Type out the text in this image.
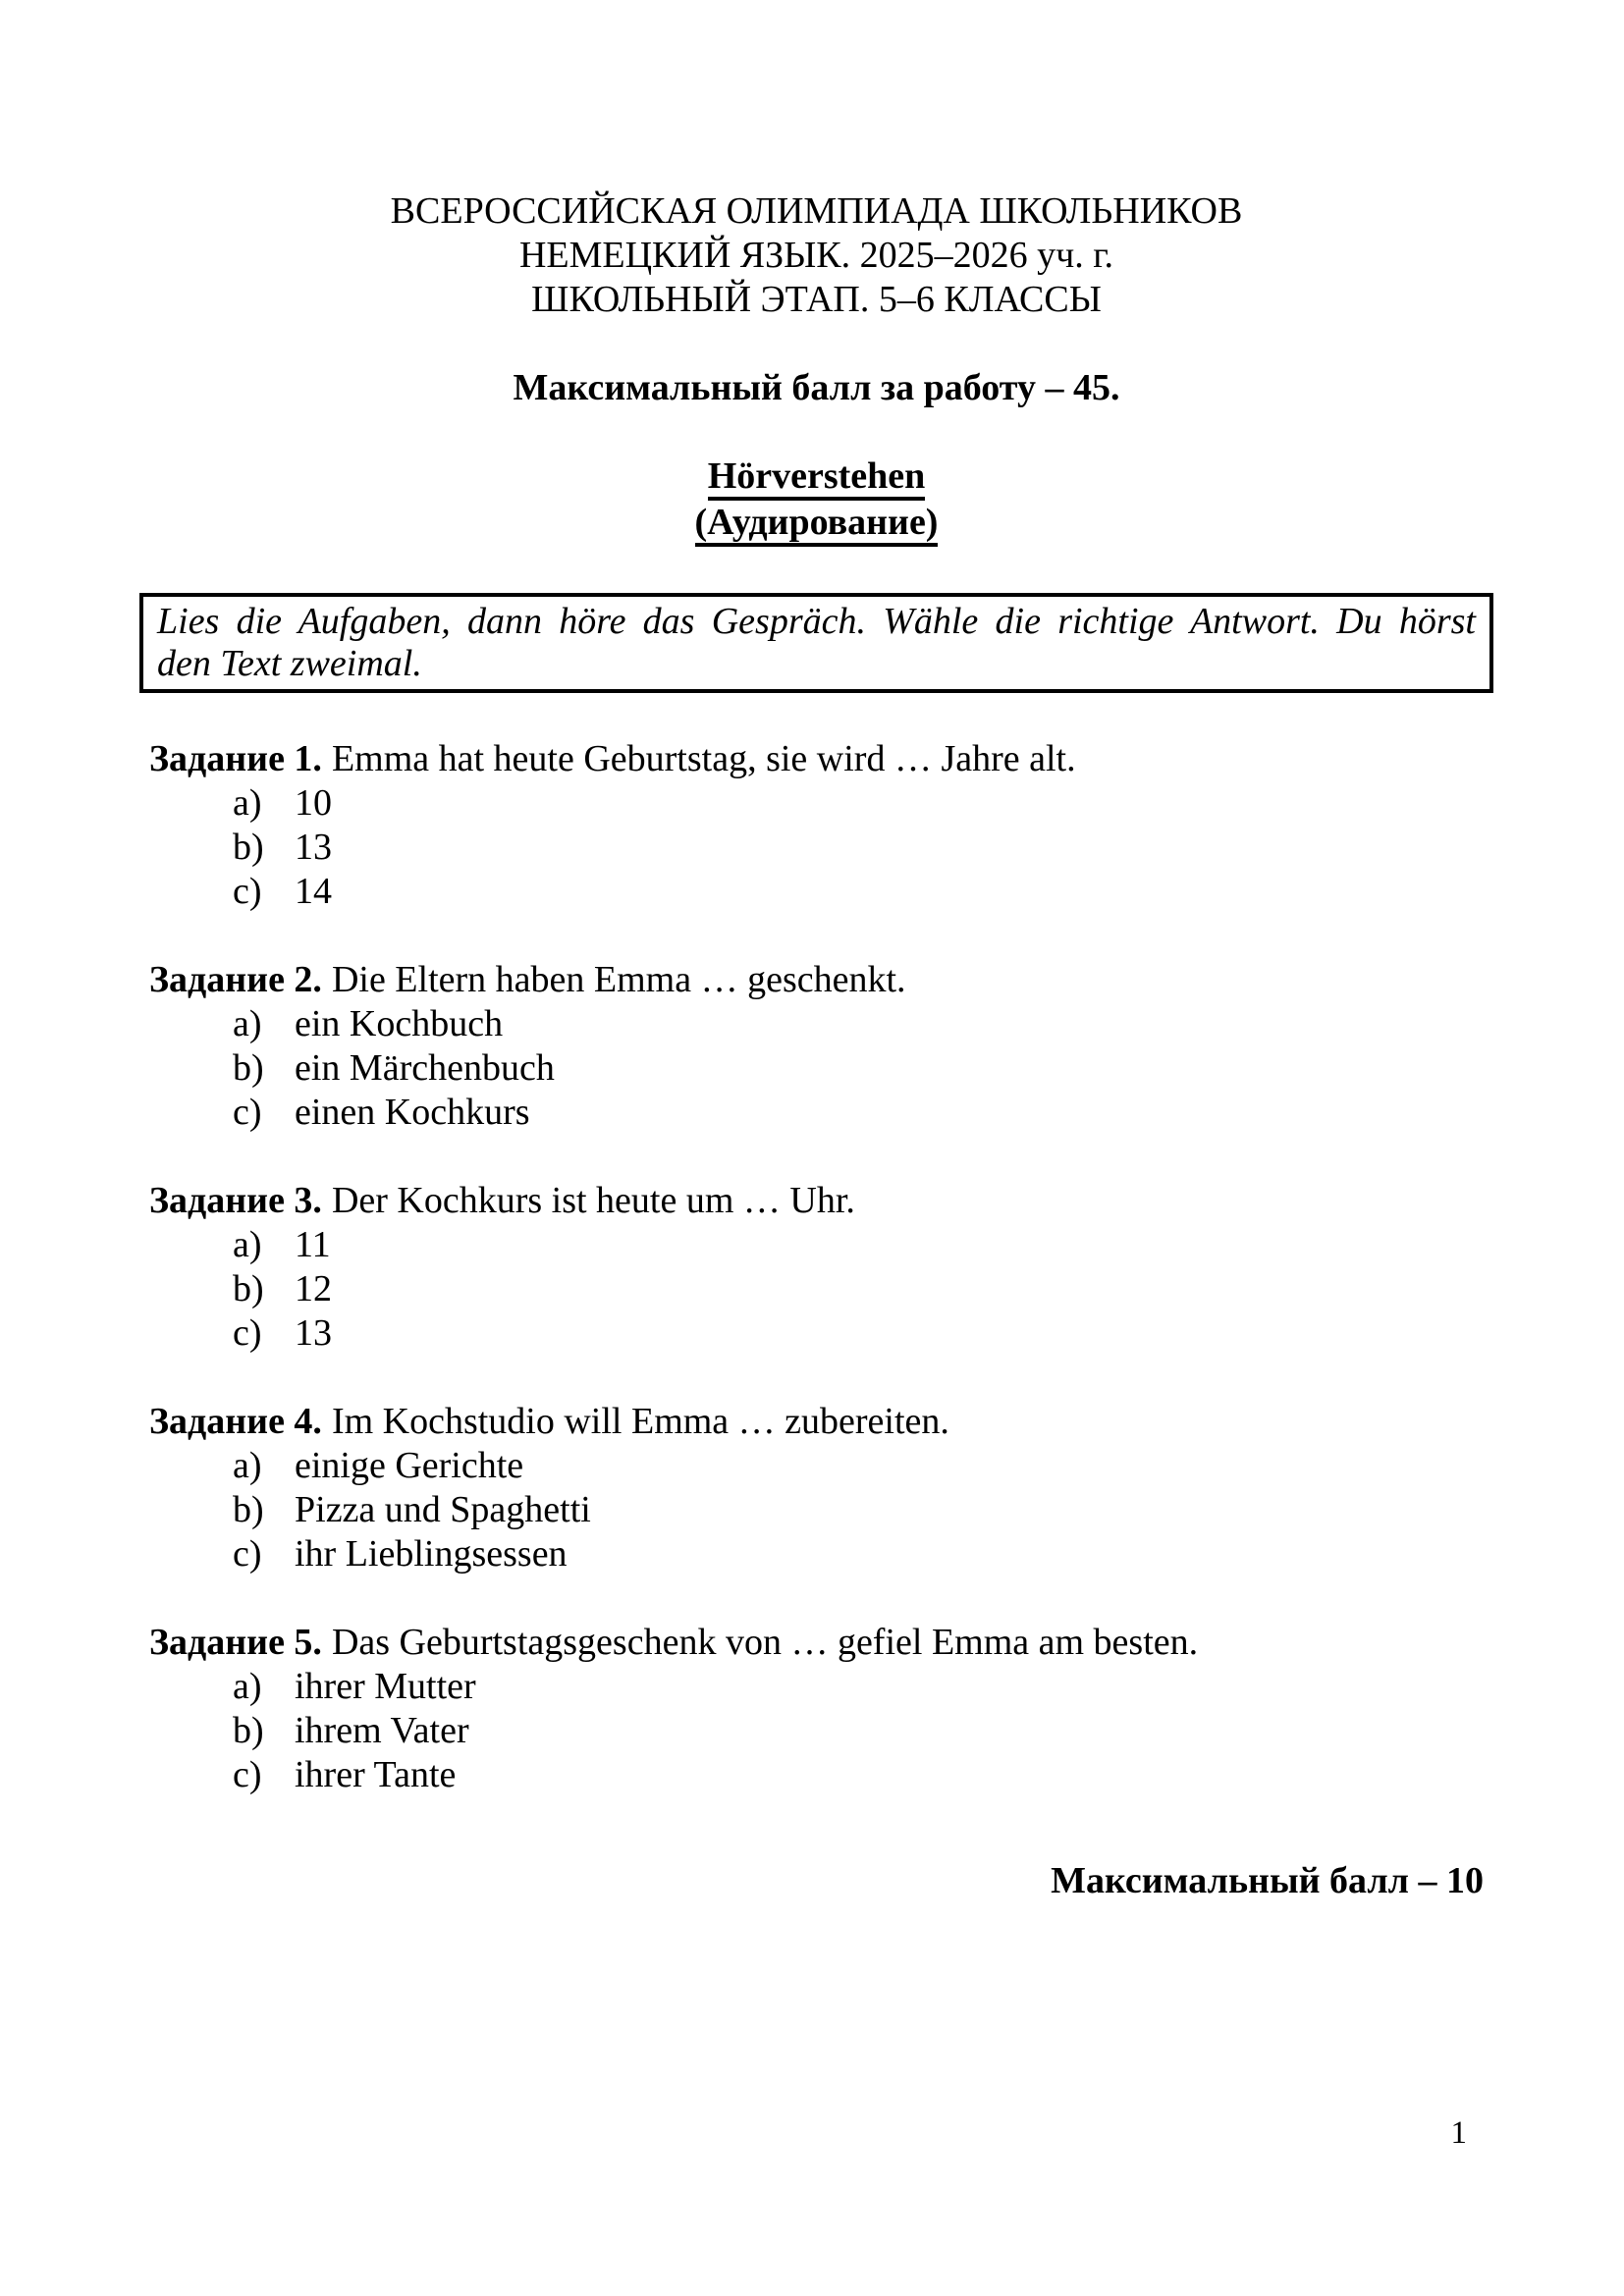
ВСЕРОССИЙСКАЯ ОЛИМПИАДА ШКОЛЬНИКОВ
НЕМЕЦКИЙ ЯЗЫК. 2025–2026 уч. г.
ШКОЛЬНЫЙ ЭТАП. 5–6 КЛАССЫ
Максимальный балл за работу – 45.
Hörverstehen
(Аудирование)
Lies die Aufgaben, dann höre das Gespräch. Wähle die richtige Antwort. Du hörst
den Text zweimal.
Задание 1. Emma hat heute Geburtstag, sie wird … Jahre alt.
a) 10
b) 13
c) 14
Задание 2. Die Eltern haben Emma … geschenkt.
a) ein Kochbuch
b) ein Märchenbuch
c) einen Kochkurs
Задание 3. Der Kochkurs ist heute um … Uhr.
a) 11
b) 12
c) 13
Задание 4. Im Kochstudio will Emma … zubereiten.
a) einige Gerichte
b) Pizza und Spaghetti
c) ihr Lieblingsessen
Задание 5. Das Geburtstagsgeschenk von … gefiel Emma am besten.
a) ihrer Mutter
b) ihrem Vater
c) ihrer Tante
Максимальный балл – 10
1
